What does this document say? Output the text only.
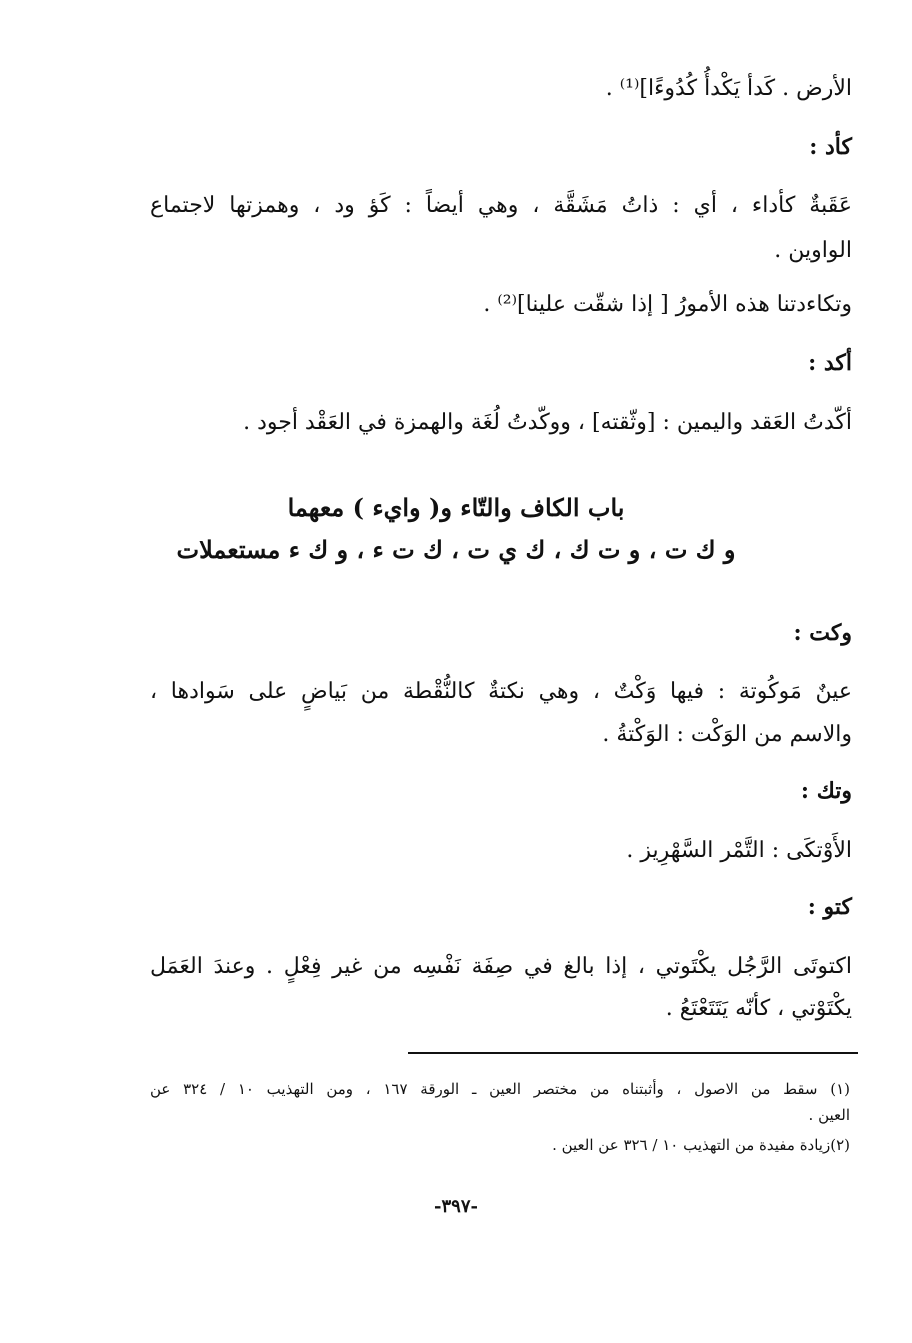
الأرض . كَدأ يَكْدأُ كُدُوءًا]⁽¹⁾ .
كأد :
عَقَبةٌ كأداء ، أي : ذاتُ مَشَقَّة ، وهي أيضاً : كَؤ ود ، وهمزتها لاجتماع
الواوين .
وتكاءدتنا هذه الأمورُ [ إذا شقّت علينا]⁽²⁾ .
أكد :
أكّدتُ العَقد واليمين : [وثّقته] ، ووكّدتُ لُغَة والهمزة في العَقْد أجود .
باب الكاف والتّاء و( وايء ) معهما
و ك ت ، و ت ك ، ك ي ت ، ك ت ء ، و ك ء مستعملات
وكت :
عينٌ مَوكُوتة : فيها وَكْتٌ ، وهي نكتةٌ كالنُّقْطة من بَياضٍ على سَوادها ،
والاسم من الوَكْت : الوَكْتةُ .
وتك :
الأَوْتكَى : التَّمْر السَّهْرِيز .
كتو :
اكتوتَى الرَّجُل يكْتَوتي ، إذا بالغ في صِفَة نَفْسِه من غير فِعْلٍ . وعندَ العَمَل
يكْتَوْتي ، كأنّه يَتَتَعْتَعُ .
(١) سقط من الاصول ، وأثبتناه من مختصر العين ـ الورقة ١٦٧ ، ومن التهذيب ١٠ / ٣٢٤ عن
العين .
(٢)زيادة مفيدة من التهذيب ١٠ / ٣٢٦ عن العين .
-٣٩٧-
